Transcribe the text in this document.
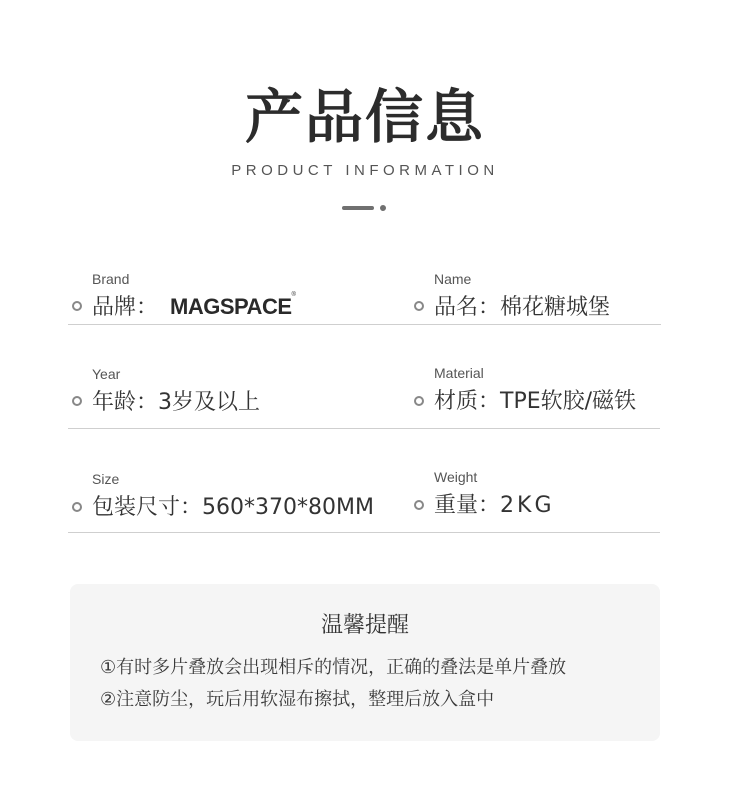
产品信息
PRODUCT INFORMATION
Brand
品牌： MAGSPACE®
Name
品名：棉花糖城堡
Year
年龄：3岁及以上
Material
材质：TPE软胶/磁铁
Size
包装尺寸：560*370*80MM
Weight
重量：2KG
温馨提醒
①有时多片叠放会出现相斥的情况，正确的叠法是单片叠放
②注意防尘，玩后用软湿布擦拭，整理后放入盒中
